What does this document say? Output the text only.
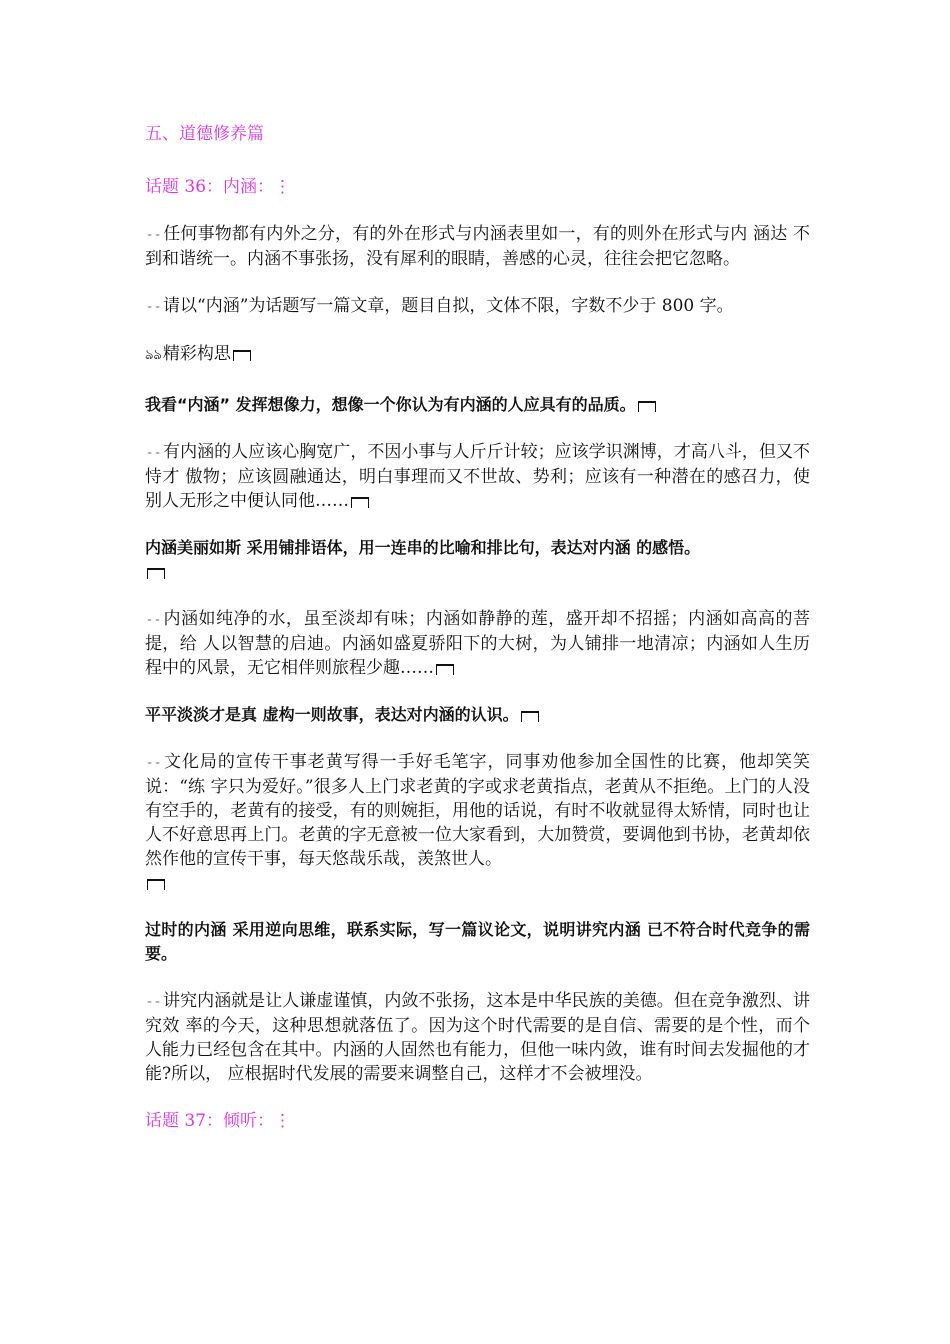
五、道德修养篇

话题 36：内涵：⋮

﹦﹦ 任何事物都有内外之分，有的外在形式与内涵表里如一，有的则外在形式与内 涵达 不到和谐统一。内涵不事张扬，没有犀利的眼睛，善感的心灵，往往会把它忽略。

﹦﹦ 请以“内涵”为话题写一篇文章，题目自拟，文体不限，字数不少于 800 字。

ঌঌ精彩构思

我看“内涵” 发挥想像力，想像一个你认为有内涵的人应具有的品质。

﹦﹦ 有内涵的人应该心胸宽广，不因小事与人斤斤计较；应该学识渊博，才高八斗，但又不恃才 傲物；应该圆融通达，明白事理而又不世故、势利；应该有一种潜在的感召力，使别人无形之中便认同他……

内涵美丽如斯 采用铺排语体，用一连串的比喻和排比句，表达对内涵 的感悟。

﹦﹦ 内涵如纯净的水，虽至淡却有味；内涵如静静的莲，盛开却不招摇；内涵如高高的菩提，给 人以智慧的启迪。内涵如盛夏骄阳下的大树，为人铺排一地清凉；内涵如人生历程中的风景，无它相伴则旅程少趣……

平平淡淡才是真 虚构一则故事，表达对内涵的认识。

﹦﹦ 文化局的宣传干事老黄写得一手好毛笔字，同事劝他参加全国性的比赛，他却笑笑说：“练 字只为爱好。”很多人上门求老黄的字或求老黄指点，老黄从不拒绝。上门的人没有空手的，老黄有的接受，有的则婉拒，用他的话说，有时不收就显得太矫情，同时也让人不好意思再上门。老黄的字无意被一位大家看到，大加赞赏，要调他到书协，老黄却依然作他的宣传干事，每天悠哉乐哉，羡煞世人。

过时的内涵 采用逆向思维，联系实际，写一篇议论文，说明讲究内涵 已不符合时代竞争的需要。

﹦﹦ 讲究内涵就是让人谦虚谨慎，内敛不张扬，这本是中华民族的美德。但在竞争激烈、讲究效 率的今天，这种思想就落伍了。因为这个时代需要的是自信、需要的是个性，而个人能力已经包含在其中。内涵的人固然也有能力，但他一味内敛，谁有时间去发掘他的才能?所以， 应根据时代发展的需要来调整自己，这样才不会被埋没。

话题 37：倾听：⋮
